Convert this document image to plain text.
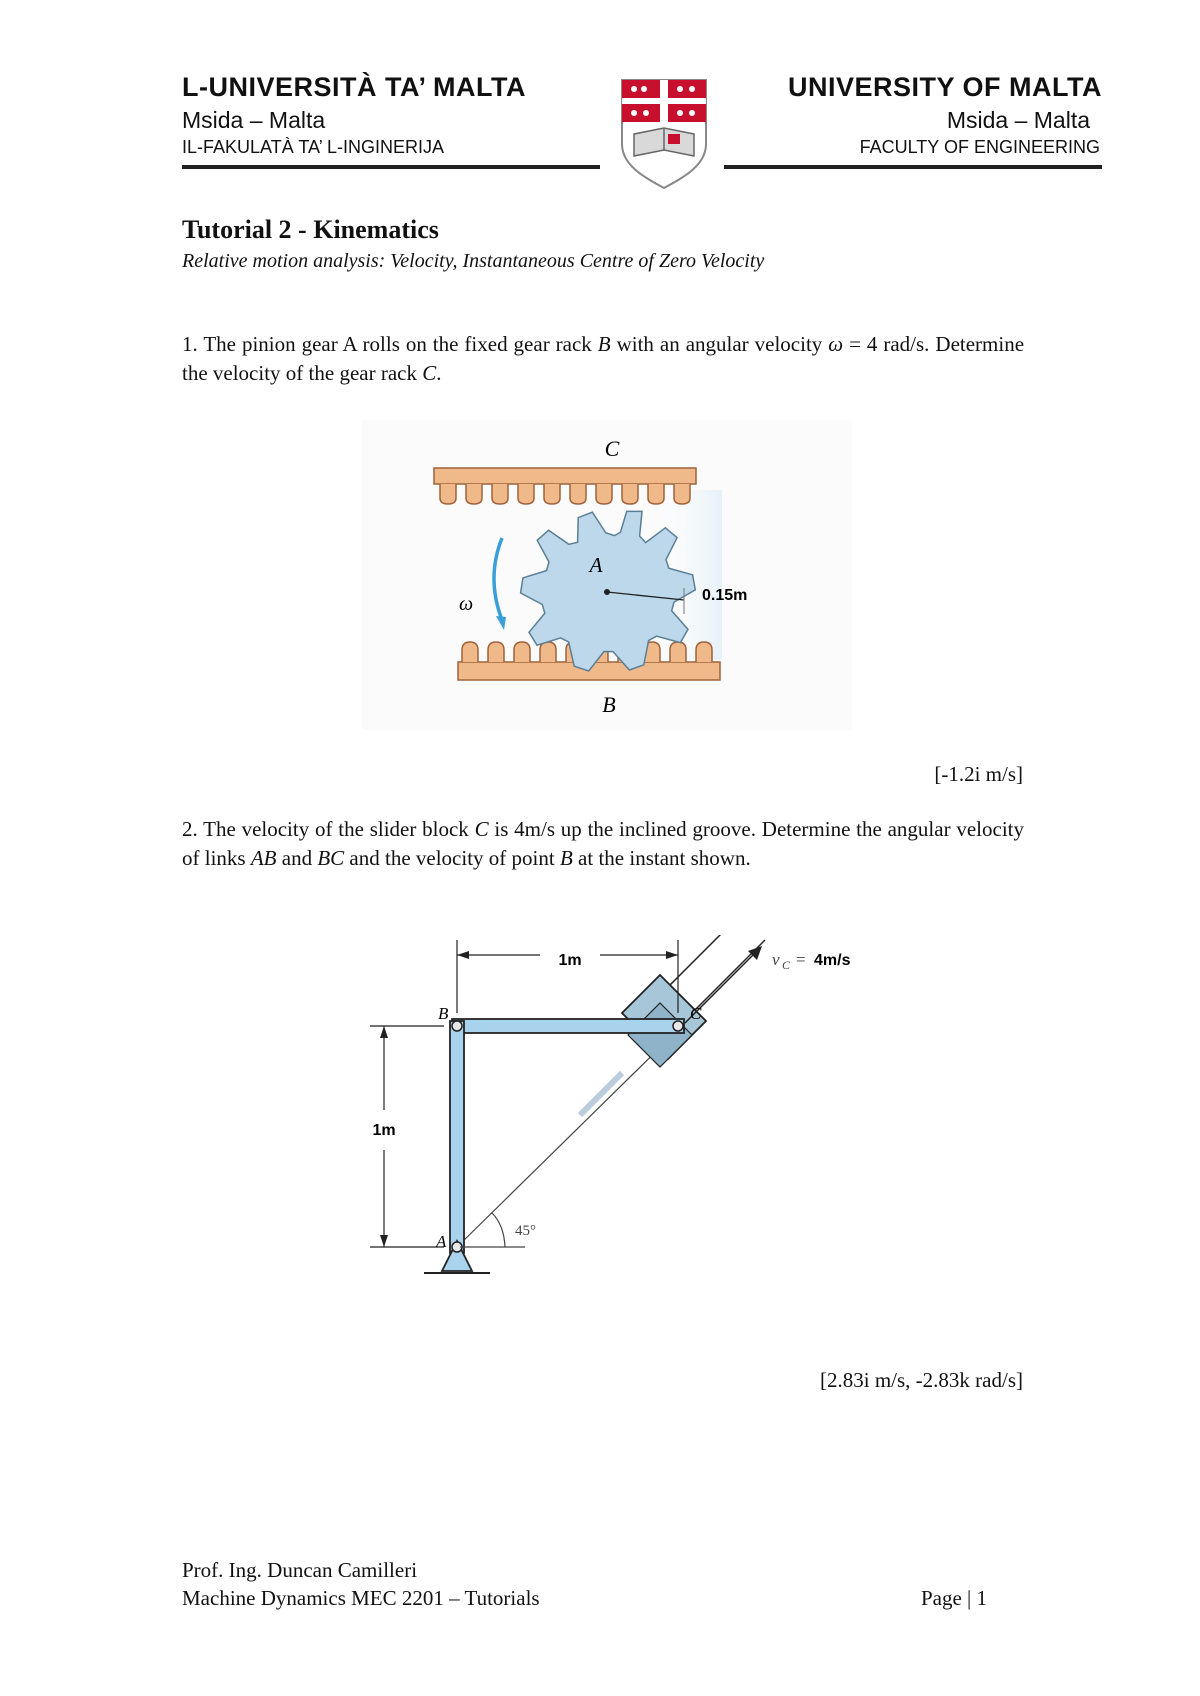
L-UNIVERSITÀ TA’ MALTA
Msida – Malta
IL-FAKULATÀ TA’ L-INGINERIJA
UNIVERSITY OF MALTA
Msida – Malta
FACULTY OF ENGINEERING
Tutorial 2 - Kinematics
Relative motion analysis: Velocity, Instantaneous Centre of Zero Velocity
1. The pinion gear A rolls on the fixed gear rack B with an angular velocity ω = 4 rad/s. Determine the velocity of the gear rack C.
C
A
B
ω	0.15m
[-1.2i m/s]
2. The velocity of the slider block C is 4m/s up the inclined groove. Determine the angular velocity of links AB and BC and the velocity of point B at the instant shown.
1m
1m
v C = 4m/s
45°
B
A
C
[2.83i m/s, -2.83k rad/s]
Prof. Ing. Duncan Camilleri
Machine Dynamics MEC 2201 – Tutorials	Page | 1
